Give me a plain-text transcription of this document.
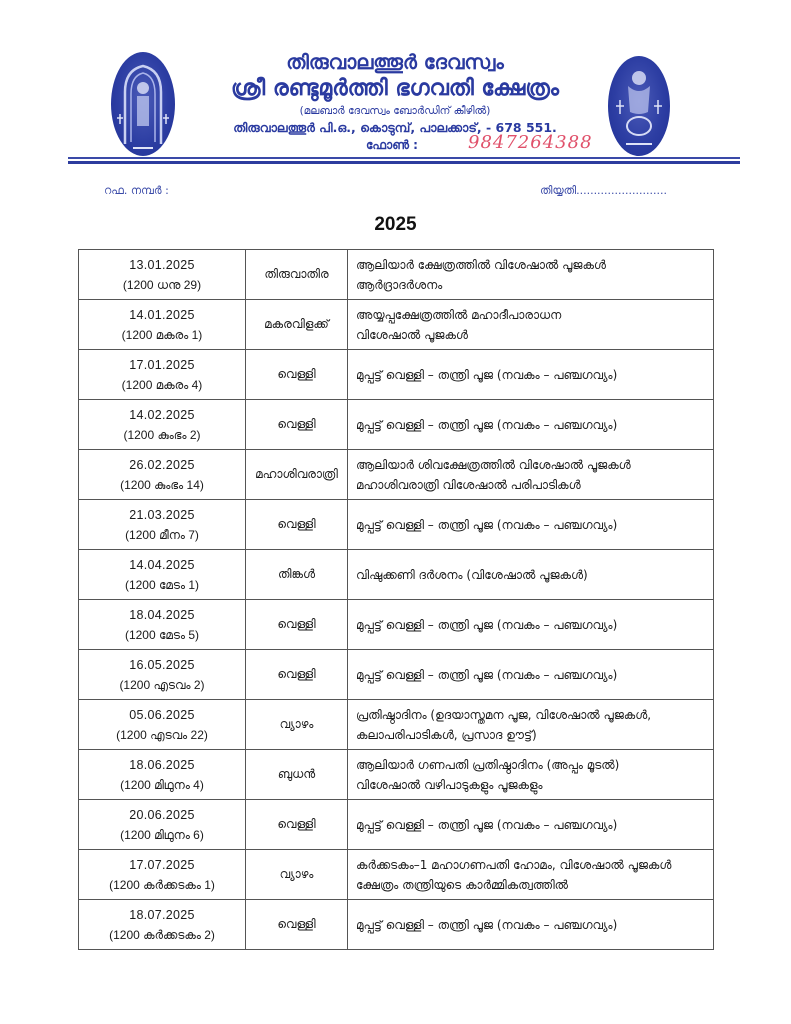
തിരുവാലത്തൂർ ദേവസ്വം
ശ്രീ രണ്ടുമൂർത്തി ഭഗവതി ക്ഷേത്രം
(മലബാർ ദേവസ്വം ബോർഡിന് കീഴിൽ)
തിരുവാലത്തൂർ പി.ഒ., കൊടുമ്പ്, പാലക്കാട്, - 678 551.
ഫോൺ :	9847264388
റഫ. നമ്പർ :	തിയ്യതി..........................
2025
13.01.2025
(1200 ധനു 29)	തിരുവാതിര	ആലിയാർ ക്ഷേത്രത്തിൽ വിശേഷാൽ പൂജകൾ
ആർദ്രാദർശനം

14.01.2025
(1200 മകരം 1)	മകരവിളക്ക്	അയ്യപ്പക്ഷേത്രത്തിൽ മഹാദീപാരാധന
വിശേഷാൽ പൂജകൾ

17.01.2025
(1200 മകരം 4)	വെള്ളി	മുപ്പട്ട് വെള്ളി – തന്ത്രി പൂജ (നവകം – പഞ്ചഗവ്യം)

14.02.2025
(1200 കുംഭം 2)	വെള്ളി	മുപ്പട്ട് വെള്ളി – തന്ത്രി പൂജ (നവകം – പഞ്ചഗവ്യം)

26.02.2025
(1200 കുംഭം 14)	മഹാശിവരാത്രി	ആലിയാർ ശിവക്ഷേത്രത്തിൽ വിശേഷാൽ പൂജകൾ
മഹാശിവരാത്രി വിശേഷാൽ പരിപാടികൾ

21.03.2025
(1200 മീനം 7)	വെള്ളി	മുപ്പട്ട് വെള്ളി – തന്ത്രി പൂജ (നവകം – പഞ്ചഗവ്യം)

14.04.2025
(1200 മേടം 1)	തിങ്കൾ	വിഷുക്കണി ദർശനം (വിശേഷാൽ പൂജകൾ)

18.04.2025
(1200 മേടം 5)	വെള്ളി	മുപ്പട്ട് വെള്ളി – തന്ത്രി പൂജ (നവകം – പഞ്ചഗവ്യം)

16.05.2025
(1200 എടവം 2)	വെള്ളി	മുപ്പട്ട് വെള്ളി – തന്ത്രി പൂജ (നവകം – പഞ്ചഗവ്യം)

05.06.2025
(1200 എടവം 22)	വ്യാഴം	പ്രതിഷ്ഠാദിനം (ഉദയാസ്തമന പൂജ, വിശേഷാൽ പൂജകൾ,
കലാപരിപാടികൾ, പ്രസാദ ഊട്ട്)

18.06.2025
(1200 മിഥുനം 4)	ബുധൻ	ആലിയാർ ഗണപതി പ്രതിഷ്ഠാദിനം (അപ്പം മൂടൽ)
വിശേഷാൽ വഴിപാടുകളും പൂജകളും

20.06.2025
(1200 മിഥുനം 6)	വെള്ളി	മുപ്പട്ട് വെള്ളി – തന്ത്രി പൂജ (നവകം – പഞ്ചഗവ്യം)

17.07.2025
(1200 കർക്കടകം 1)	വ്യാഴം	കർക്കടകം–1 മഹാഗണപതി ഹോമം, വിശേഷാൽ പൂജകൾ
ക്ഷേത്രം തന്ത്രിയുടെ കാർമ്മികത്വത്തിൽ

18.07.2025
(1200 കർക്കടകം 2)	വെള്ളി	മുപ്പട്ട് വെള്ളി – തന്ത്രി പൂജ (നവകം – പഞ്ചഗവ്യം)
